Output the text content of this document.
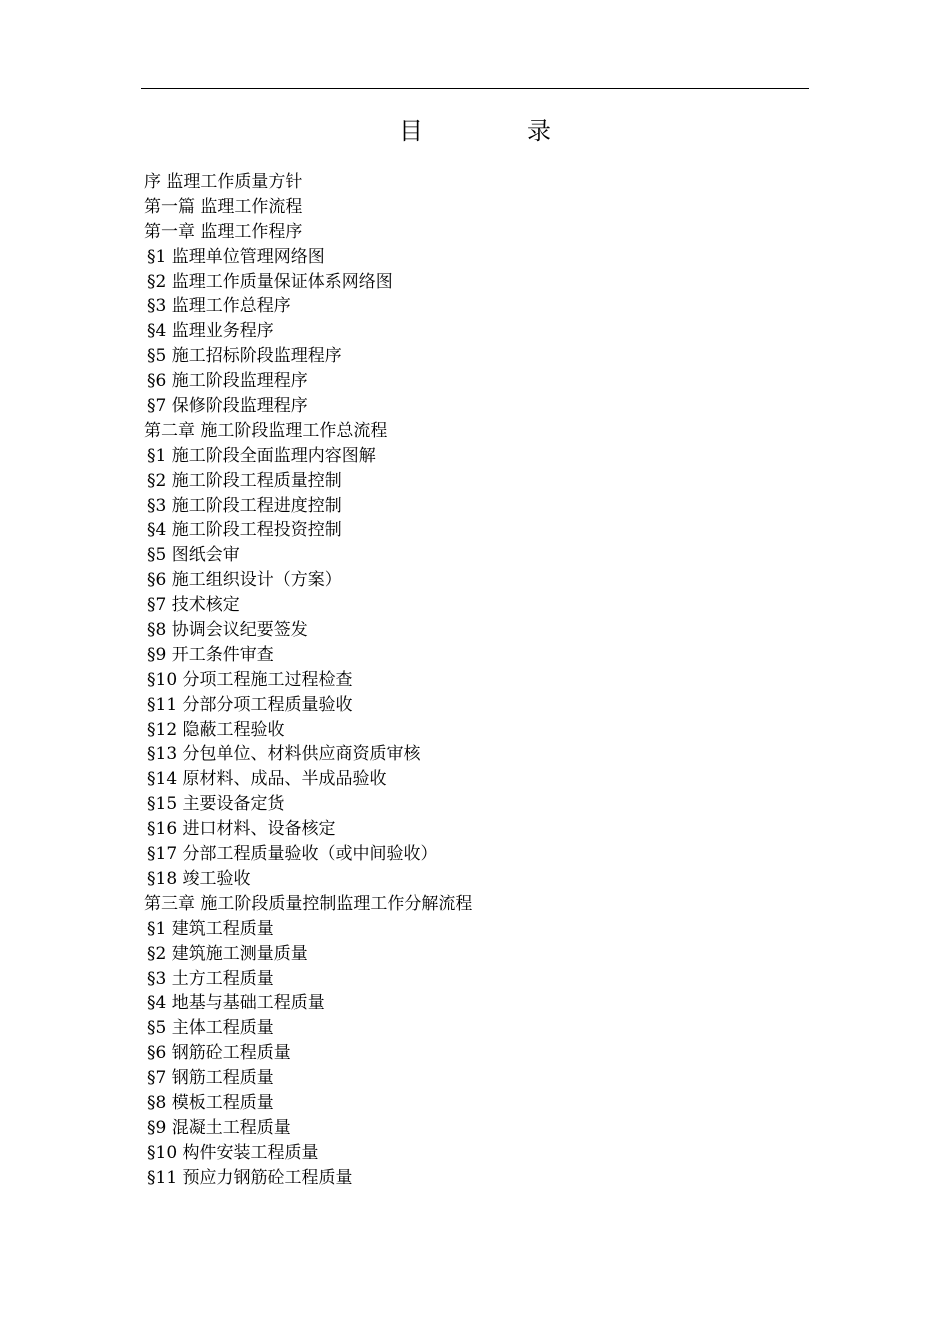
目　录
序 监理工作质量方针
第一篇 监理工作流程
第一章 监理工作程序
§1 监理单位管理网络图
§2 监理工作质量保证体系网络图
§3 监理工作总程序
§4 监理业务程序
§5 施工招标阶段监理程序
§6 施工阶段监理程序
§7 保修阶段监理程序
第二章 施工阶段监理工作总流程
§1 施工阶段全面监理内容图解
§2 施工阶段工程质量控制
§3 施工阶段工程进度控制
§4 施工阶段工程投资控制
§5 图纸会审
§6 施工组织设计（方案）
§7 技术核定
§8 协调会议纪要签发
§9 开工条件审查
§10 分项工程施工过程检查
§11 分部分项工程质量验收
§12 隐蔽工程验收
§13 分包单位、材料供应商资质审核
§14 原材料、成品、半成品验收
§15 主要设备定货
§16 进口材料、设备核定
§17 分部工程质量验收（或中间验收）
§18 竣工验收
第三章 施工阶段质量控制监理工作分解流程
§1 建筑工程质量
§2 建筑施工测量质量
§3 土方工程质量
§4 地基与基础工程质量
§5 主体工程质量
§6 钢筋砼工程质量
§7 钢筋工程质量
§8 模板工程质量
§9 混凝土工程质量
§10 构件安装工程质量
§11 预应力钢筋砼工程质量
